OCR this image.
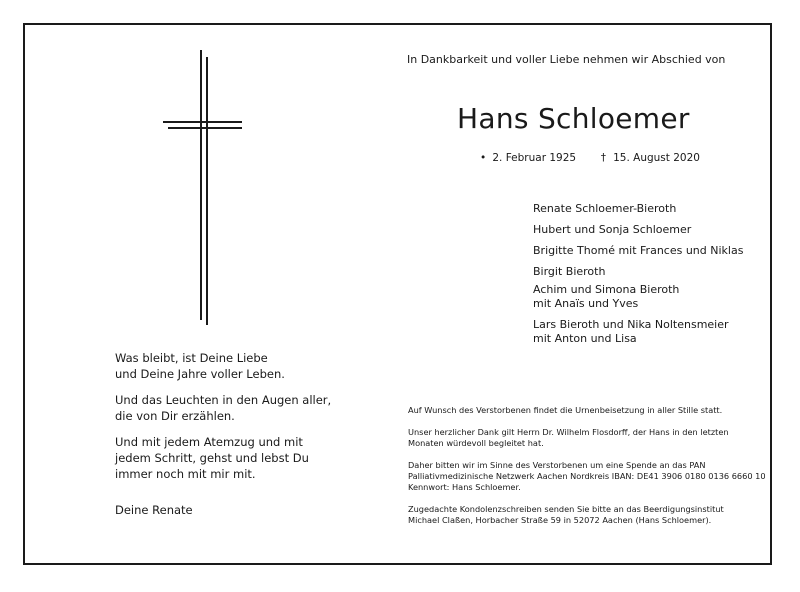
In Dankbarkeit und voller Liebe nehmen wir Abschied von
Hans Schloemer
• 2. Februar 1925 † 15. August 2020
Renate Schloemer-Bieroth
Hubert und Sonja Schloemer
Brigitte Thomé mit Frances und Niklas
Birgit Bieroth
Achim und Simona Bieroth
mit Anaïs und Yves
Lars Bieroth und Nika Noltensmeier
mit Anton und Lisa
Was bleibt, ist Deine Liebe
und Deine Jahre voller Leben.
Und das Leuchten in den Augen aller,
die von Dir erzählen.
Und mit jedem Atemzug und mit
jedem Schritt, gehst und lebst Du
immer noch mit mir mit.
Deine Renate
Auf Wunsch des Verstorbenen findet die Urnenbeisetzung in aller Stille statt.
Unser herzlicher Dank gilt Herrn Dr. Wilhelm Flosdorff, der Hans in den letzten
Monaten würdevoll begleitet hat.
Daher bitten wir im Sinne des Verstorbenen um eine Spende an das PAN
Palliativmedizinische Netzwerk Aachen Nordkreis IBAN: DE41 3906 0180 0136 6660 10
Kennwort: Hans Schloemer.
Zugedachte Kondolenzschreiben senden Sie bitte an das Beerdigungsinstitut
Michael Claßen, Horbacher Straße 59 in 52072 Aachen (Hans Schloemer).
